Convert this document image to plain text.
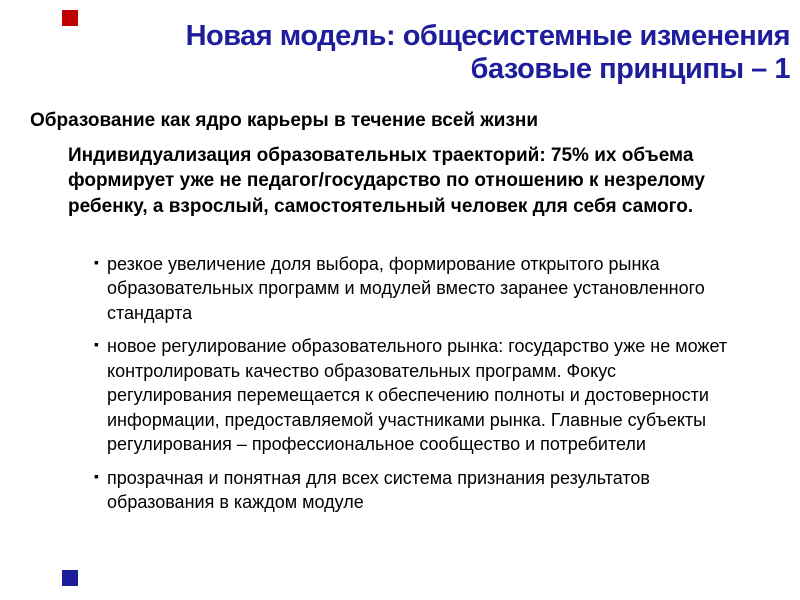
Новая модель: общесистемные изменения
базовые принципы – 1
Образование как ядро карьеры в течение всей жизни
Индивидуализация образовательных траекторий: 75% их объема формирует уже не педагог/государство по отношению к незрелому ребенку, а взрослый, самостоятельный человек для себя самого.
▪ резкое увеличение доля выбора, формирование открытого рынка образовательных программ и модулей вместо заранее установленного стандарта
▪ новое регулирование образовательного рынка: государство уже не может контролировать качество образовательных программ. Фокус регулирования перемещается к обеспечению полноты и достоверности информации, предоставляемой участниками рынка. Главные субъекты регулирования – профессиональное сообщество и потребители
▪ прозрачная и понятная для всех система признания результатов образования в каждом модуле
